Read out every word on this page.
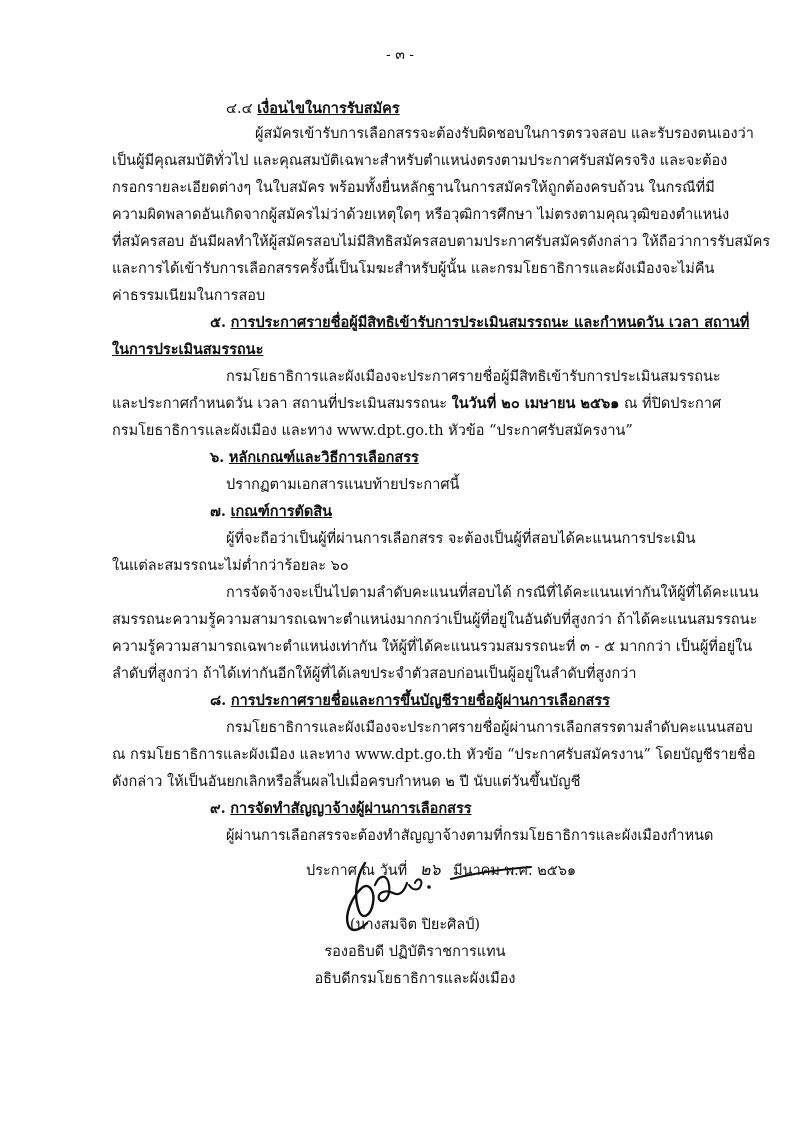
- ๓ -
๔.๔ เงื่อนไขในการรับสมัคร
ผู้สมัครเข้ารับการเลือกสรรจะต้องรับผิดชอบในการตรวจสอบ และรับรองตนเองว่า
เป็นผู้มีคุณสมบัติทั่วไป และคุณสมบัติเฉพาะสำหรับตำแหน่งตรงตามประกาศรับสมัครจริง และจะต้อง
กรอกรายละเอียดต่างๆ ในใบสมัคร พร้อมทั้งยื่นหลักฐานในการสมัครให้ถูกต้องครบถ้วน ในกรณีที่มี
ความผิดพลาดอันเกิดจากผู้สมัครไม่ว่าด้วยเหตุใดๆ หรือวุฒิการศึกษา ไม่ตรงตามคุณวุฒิของตำแหน่ง
ที่สมัครสอบ อันมีผลทำให้ผู้สมัครสอบไม่มีสิทธิสมัครสอบตามประกาศรับสมัครดังกล่าว ให้ถือว่าการรับสมัคร
และการได้เข้ารับการเลือกสรรครั้งนี้เป็นโมฆะสำหรับผู้นั้น และกรมโยธาธิการและผังเมืองจะไม่คืน
ค่าธรรมเนียมในการสอบ
๕. การประกาศรายชื่อผู้มีสิทธิเข้ารับการประเมินสมรรถนะ และกำหนดวัน เวลา สถานที่
ในการประเมินสมรรถนะ
กรมโยธาธิการและผังเมืองจะประกาศรายชื่อผู้มีสิทธิเข้ารับการประเมินสมรรถนะ
และประกาศกำหนดวัน เวลา สถานที่ประเมินสมรรถนะ ในวันที่ ๒๐ เมษายน ๒๕๖๑ ณ ที่ปิดประกาศ
กรมโยธาธิการและผังเมือง และทาง www.dpt.go.th หัวข้อ “ประกาศรับสมัครงาน”
๖. หลักเกณฑ์และวิธีการเลือกสรร
ปรากฏตามเอกสารแนบท้ายประกาศนี้
๗. เกณฑ์การตัดสิน
ผู้ที่จะถือว่าเป็นผู้ที่ผ่านการเลือกสรร จะต้องเป็นผู้ที่สอบได้คะแนนการประเมิน
ในแต่ละสมรรถนะไม่ต่ำกว่าร้อยละ ๖๐
การจัดจ้างจะเป็นไปตามลำดับคะแนนที่สอบได้ กรณีที่ได้คะแนนเท่ากันให้ผู้ที่ได้คะแนน
สมรรถนะความรู้ความสามารถเฉพาะตำแหน่งมากกว่าเป็นผู้ที่อยู่ในอันดับที่สูงกว่า ถ้าได้คะแนนสมรรถนะ
ความรู้ความสามารถเฉพาะตำแหน่งเท่ากัน ให้ผู้ที่ได้คะแนนรวมสมรรถนะที่ ๓ - ๕ มากกว่า เป็นผู้ที่อยู่ใน
ลำดับที่สูงกว่า ถ้าได้เท่ากันอีกให้ผู้ที่ได้เลขประจำตัวสอบก่อนเป็นผู้อยู่ในลำดับที่สูงกว่า
๘. การประกาศรายชื่อและการขึ้นบัญชีรายชื่อผู้ผ่านการเลือกสรร
กรมโยธาธิการและผังเมืองจะประกาศรายชื่อผู้ผ่านการเลือกสรรตามลำดับคะแนนสอบ
ณ กรมโยธาธิการและผังเมือง และทาง www.dpt.go.th หัวข้อ “ประกาศรับสมัครงาน” โดยบัญชีรายชื่อ
ดังกล่าว ให้เป็นอันยกเลิกหรือสิ้นผลไปเมื่อครบกำหนด ๒ ปี นับแต่วันขึ้นบัญชี
๙. การจัดทำสัญญาจ้างผู้ผ่านการเลือกสรร
ผู้ผ่านการเลือกสรรจะต้องทำสัญญาจ้างตามที่กรมโยธาธิการและผังเมืองกำหนด
ประกาศ ณ วันที่ ๒๖ มีนาคม พ.ศ. ๒๕๖๑
(นางสมจิต ปิยะศิลป์)
รองอธิบดี ปฏิบัติราชการแทน
อธิบดีกรมโยธาธิการและผังเมือง
